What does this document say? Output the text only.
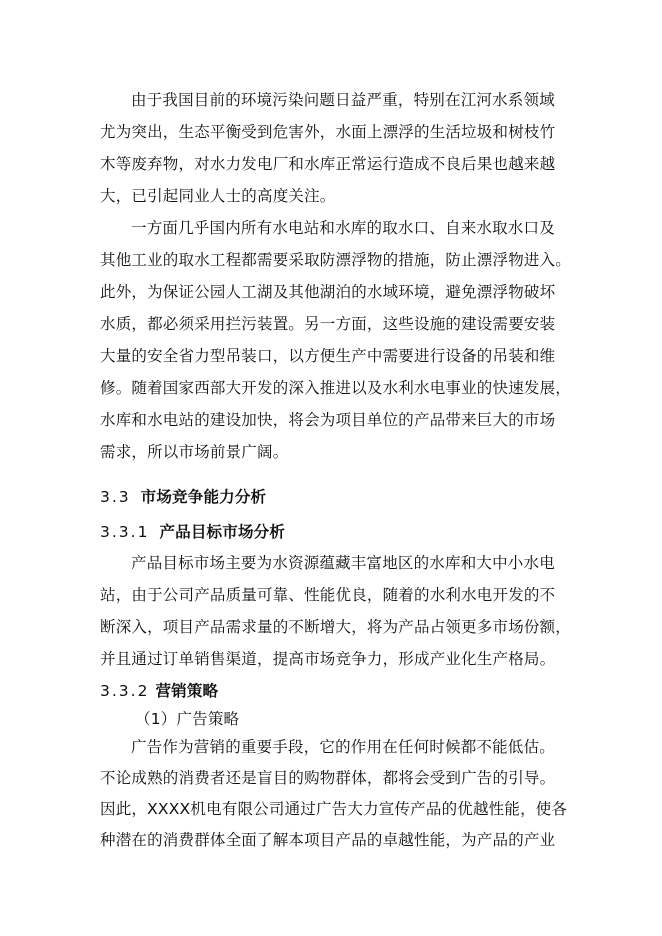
由于我国目前的环境污染问题日益严重，特别在江河水系领域
尤为突出，生态平衡受到危害外，水面上漂浮的生活垃圾和树枝竹
木等废弃物，对水力发电厂和水库正常运行造成不良后果也越来越
大，已引起同业人士的高度关注。
一方面几乎国内所有水电站和水库的取水口、自来水取水口及
其他工业的取水工程都需要采取防漂浮物的措施，防止漂浮物进入。
此外，为保证公园人工湖及其他湖泊的水域环境，避免漂浮物破坏
水质，都必须采用拦污装置。另一方面，这些设施的建设需要安装
大量的安全省力型吊装口，以方便生产中需要进行设备的吊装和维
修。随着国家西部大开发的深入推进以及水利水电事业的快速发展，
水库和水电站的建设加快，将会为项目单位的产品带来巨大的市场
需求，所以市场前景广阔。
3.3 市场竞争能力分析
3.3.1 产品目标市场分析
产品目标市场主要为水资源蕴藏丰富地区的水库和大中小水电
站，由于公司产品质量可靠、性能优良，随着的水利水电开发的不
断深入，项目产品需求量的不断增大，将为产品占领更多市场份额，
并且通过订单销售渠道，提高市场竞争力，形成产业化生产格局。
3.3.2 营销策略
（1）广告策略
广告作为营销的重要手段，它的作用在任何时候都不能低估。
不论成熟的消费者还是盲目的购物群体，都将会受到广告的引导。
因此，XXXX机电有限公司通过广告大力宣传产品的优越性能，使各
种潜在的消费群体全面了解本项目产品的卓越性能，为产品的产业
